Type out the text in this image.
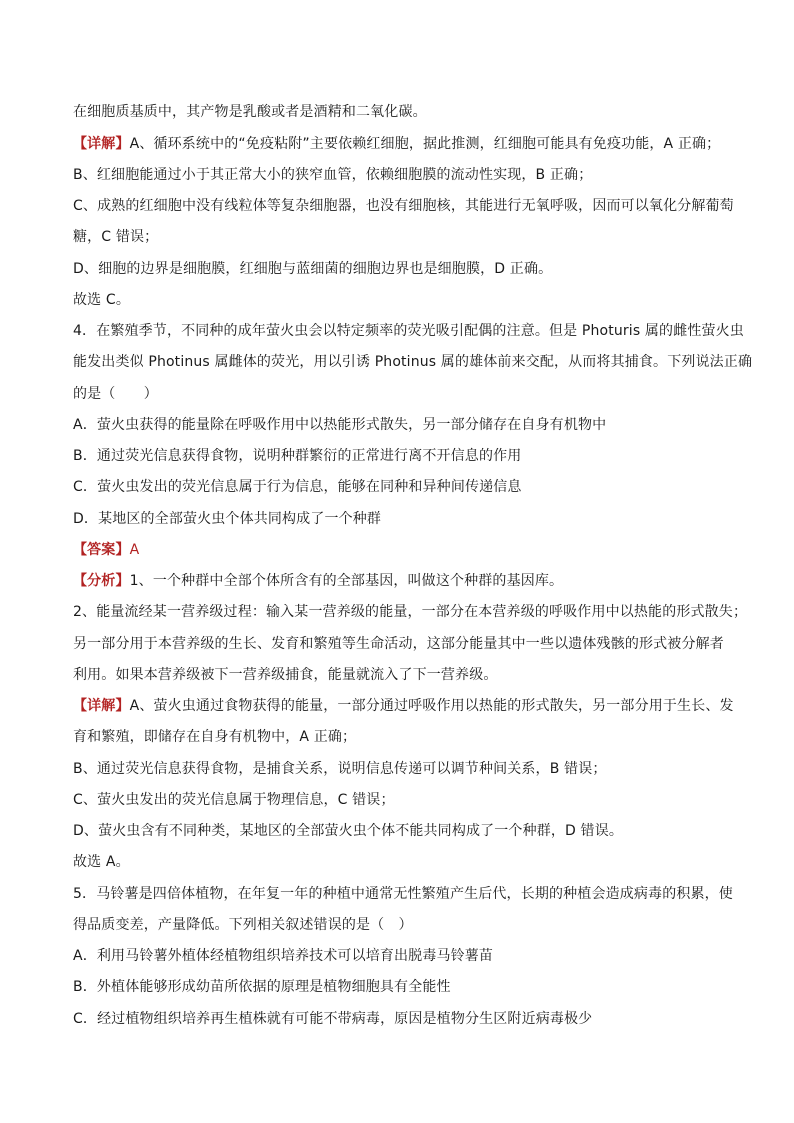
在细胞质基质中，其产物是乳酸或者是酒精和二氧化碳。
【详解】A、循环系统中的“免疫粘附”主要依赖红细胞，据此推测，红细胞可能具有免疫功能，A 正确；
B、红细胞能通过小于其正常大小的狭窄血管，依赖细胞膜的流动性实现，B 正确；
C、成熟的红细胞中没有线粒体等复杂细胞器，也没有细胞核，其能进行无氧呼吸，因而可以氧化分解葡萄
糖，C 错误；
D、细胞的边界是细胞膜，红细胞与蓝细菌的细胞边界也是细胞膜，D 正确。
故选 C。
4．在繁殖季节，不同种的成年萤火虫会以特定频率的荧光吸引配偶的注意。但是 Photuris 属的雌性萤火虫
能发出类似 Photinus 属雌体的荧光，用以引诱 Photinus 属的雄体前来交配，从而将其捕食。下列说法正确
的是（　　）
A．萤火虫获得的能量除在呼吸作用中以热能形式散失，另一部分储存在自身有机物中
B．通过荧光信息获得食物，说明种群繁衍的正常进行离不开信息的作用
C．萤火虫发出的荧光信息属于行为信息，能够在同种和异种间传递信息
D．某地区的全部萤火虫个体共同构成了一个种群
【答案】A
【分析】1、一个种群中全部个体所含有的全部基因，叫做这个种群的基因库。
2、能量流经某一营养级过程：输入某一营养级的能量，一部分在本营养级的呼吸作用中以热能的形式散失；
另一部分用于本营养级的生长、发育和繁殖等生命活动，这部分能量其中一些以遗体残骸的形式被分解者
利用。如果本营养级被下一营养级捕食，能量就流入了下一营养级。
【详解】A、萤火虫通过食物获得的能量，一部分通过呼吸作用以热能的形式散失，另一部分用于生长、发
育和繁殖，即储存在自身有机物中，A 正确；
B、通过荧光信息获得食物，是捕食关系，说明信息传递可以调节种间关系，B 错误；
C、萤火虫发出的荧光信息属于物理信息，C 错误；
D、萤火虫含有不同种类，某地区的全部萤火虫个体不能共同构成了一个种群，D 错误。
故选 A。
5．马铃薯是四倍体植物，在年复一年的种植中通常无性繁殖产生后代，长期的种植会造成病毒的积累，使
得品质变差，产量降低。下列相关叙述错误的是（　）
A．利用马铃薯外植体经植物组织培养技术可以培育出脱毒马铃薯苗
B．外植体能够形成幼苗所依据的原理是植物细胞具有全能性
C．经过植物组织培养再生植株就有可能不带病毒，原因是植物分生区附近病毒极少
